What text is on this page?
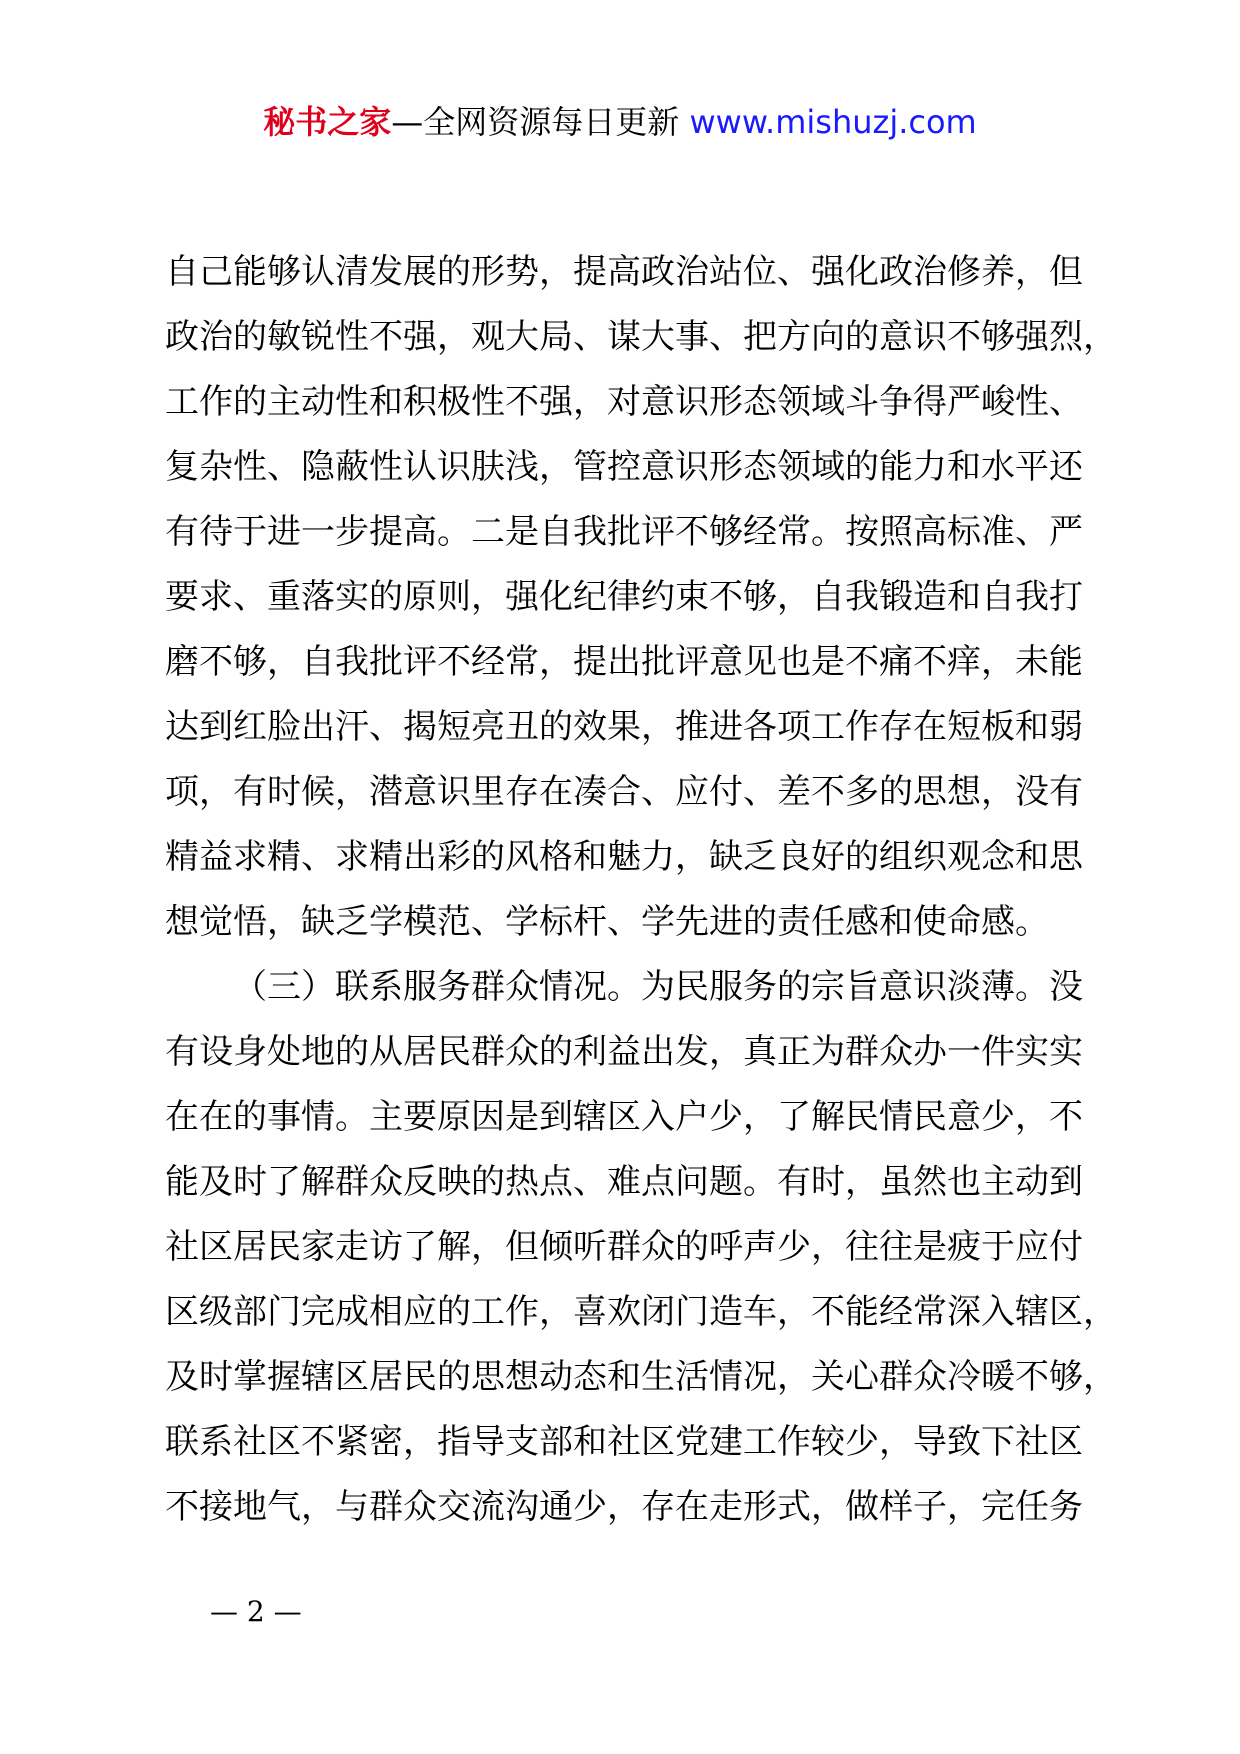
秘书之家—全网资源每日更新 www.mishuzj.com
自己能够认清发展的形势，提高政治站位、强化政治修养，但
政治的敏锐性不强，观大局、谋大事、把方向的意识不够强烈，
工作的主动性和积极性不强，对意识形态领域斗争得严峻性、
复杂性、隐蔽性认识肤浅，管控意识形态领域的能力和水平还
有待于进一步提高。二是自我批评不够经常。按照高标准、严
要求、重落实的原则，强化纪律约束不够，自我锻造和自我打
磨不够，自我批评不经常，提出批评意见也是不痛不痒，未能
达到红脸出汗、揭短亮丑的效果，推进各项工作存在短板和弱
项，有时候，潜意识里存在凑合、应付、差不多的思想，没有
精益求精、求精出彩的风格和魅力，缺乏良好的组织观念和思
想觉悟，缺乏学模范、学标杆、学先进的责任感和使命感。
（三）联系服务群众情况。为民服务的宗旨意识淡薄。没
有设身处地的从居民群众的利益出发，真正为群众办一件实实
在在的事情。主要原因是到辖区入户少，了解民情民意少，不
能及时了解群众反映的热点、难点问题。有时，虽然也主动到
社区居民家走访了解，但倾听群众的呼声少，往往是疲于应付
区级部门完成相应的工作，喜欢闭门造车，不能经常深入辖区，
及时掌握辖区居民的思想动态和生活情况，关心群众冷暖不够，
联系社区不紧密，指导支部和社区党建工作较少，导致下社区
不接地气，与群众交流沟通少，存在走形式，做样子，完任务
— 2 —
